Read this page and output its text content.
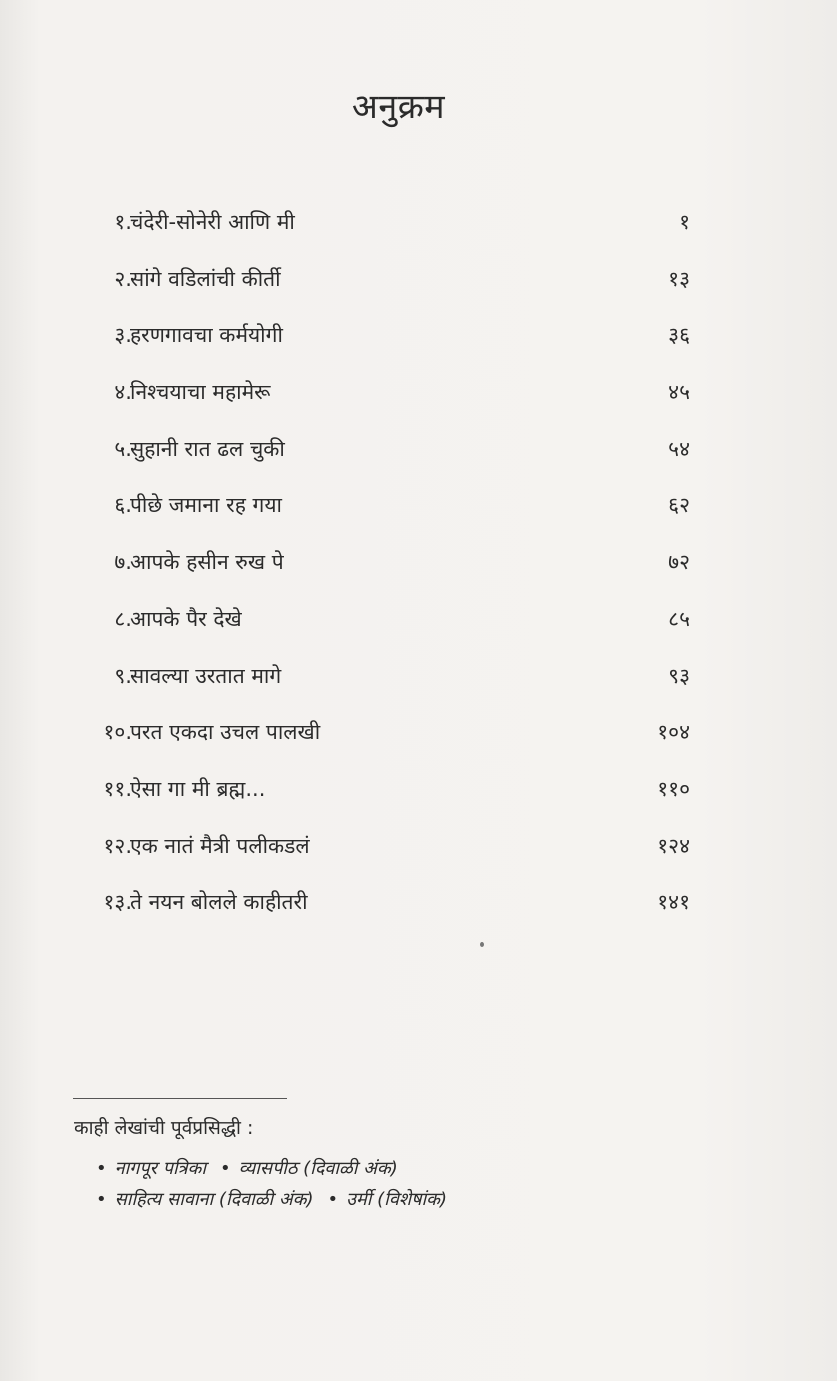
अनुक्रम
१.
चंदेरी-सोनेरी आणि मी	१
२.
सांगे वडिलांची कीर्ती	१३
३.
हरणगावचा कर्मयोगी	३६
४.
निश्चयाचा महामेरू	४५
५.
सुहानी रात ढल चुकी	५४
६.
पीछे जमाना रह गया	६२
७.
आपके हसीन रुख पे	७२
८.
आपके पैर देखे	८५
९.
सावल्या उरतात मागे	९३
१०.
परत एकदा उचल पालखी	१०४
११.
ऐसा गा मी ब्रह्म...	११०
१२.
एक नातं मैत्री पलीकडलं	१२४
१३.
ते नयन बोलले काहीतरी	१४१
काही लेखांची पूर्वप्रसिद्धी :
• नागपूर पत्रिका • व्यासपीठ (दिवाळी अंक)
• साहित्य सावाना (दिवाळी अंक) • उर्मी (विशेषांक)
